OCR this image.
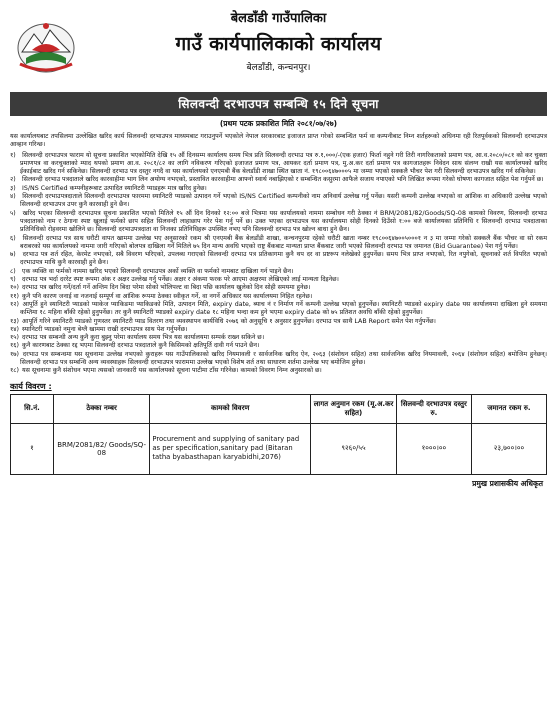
बेलडाँडी गाउँपालिका
गाउँ कार्यपालिकाको कार्यालय
बेलडाँडी, कन्चनपुर।
सिलवन्दी दरभाउपत्र सम्बन्धि १५ दिने सूचना
(प्रथम पटक प्रकाशित मिति २०८१/०७/२७)

यस कार्यालयबाट तपसिलमा उल्लेखित खरिद कार्य सिलवन्दी दरभाउपत्र माध्यमबाट गराउनुपर्ने भएकोले नेपाल सरकारबाट इजाजत प्राप्त गरेको सम्बन्धित फर्म वा कम्पनीबाट निम्न शर्तहरूको अधिनमा रही रितपूर्वकको सिलवन्दी दरभाउपत्र आव्हान गरिन्छ।

१) सिलवन्दी दरभाउपत्र फाराम यो सूचना प्रकाशित भएकोमिति देखि १५ औं दिनसम्म कार्यालय समय भित्र प्रति सिलवन्दी दरभाउ पत्र रु.१,०००/-(एक हजार) फिर्ता नहुने गरी तिरी नागरिकताको प्रमाण पत्र, आ.व.२०८०/०८१ को कर चुक्ता प्रमाणपत्र वा करचुक्ताको म्याद थपको प्रमाण आ.व. २०८१/८२ का लागि नविकरण गरिएको इजाजत प्रमाण पत्र, आयकर दर्ता प्रमाण पत्र, मु.अ.कर दर्ता प्रमाण पत्र कागजातहरू निवेदन साथ संलग्न राखी यस कार्यालयको खरिद ईकाईबाट खरिद गर्न सकिनेछ। सिलवन्दी दरभाउ पत्र दस्तुर नगदै वा यस कार्यालयको एनएमबी बैंक बेलडाँडी शाखा स्थित खाता नं. १९८००६४७०००५ मा जम्मा भएको सक्कलै भौचर पेश गरी सिलवन्दी दरभाउपत्र खरिद गर्न सकिनेछ।
२) सिलवन्दी दरभाउ पत्रदाताले खरिद कारवाहीमा भाग लिन अयोग्य नभएको, प्रस्तावित कारवाहीमा आफ्नो स्वार्थ नबाझिएको र सम्बन्धित कसुरमा आफैले सजाय नपाएको भनि लिखित रूपमा गरेको घोषणा कागजात सहित पेश गर्नुपर्ने छ।
३) IS/NS Certified कम्पनीहरूबाट उत्पादित स्यानिटरी प्याडहरू मात्र खरिद हुनेछ।
४) सिलवन्दी दरभाउपत्रदाताले सिलवन्दी दरभाउपत्र फारममा स्यानिटरी प्याडको उत्पादन गर्ने भएको IS/NS Certified कम्पनीको नाम अनिवार्य उल्लेख गर्नु पर्नेछ। यसरी कम्पनी उल्लेख नभएको वा आंशिक वा अधिकारी उल्लेख भएको सिलवन्दी दरभाउपत्र उपर कुनै कारवाही हुने छैन।
५) खरिद भएका सिलवन्दी दरभाउपत्र सूचना प्रकाशित भएको मितिले १५ औं दिन दिनको १२:०० बजे भित्रमा यस कार्यालयको नाममा सम्बोधन गरी ठेक्का नं BRM/2081/82/Goods/SQ-08 कामको विवरण, सिलवन्दी दरभाउ पत्रदाताको नाम र ठेगाना स्पष्ट खुलाई फर्मको छाप सहित सिलवन्दी लाहाछाप गरेर पेश गर्नु पर्ने छ। उक्त भएका दरभाउपत्र यस कार्यालयमा सोही दिनको दिउँसो १:०० बजे कार्यालयका प्रतिनिधि र सिलवन्दी दरभाउ पत्रदाताका प्रतिनिधिको रोहवरमा खोलिने छ। सिलवन्दी दरभाउपत्रदाता वा निजका प्रतिनिधिहरू उपस्थित नभए पनि सिलवन्दी दरभाउ पत्र खोल्न बाधा हुने छैन।
६) सिलवन्दी दरभाउ पत्र साथ धरौटी वापत खाममा उल्लेख भए अनुसारको रकम श्री एनएमबी बैंक बेलडाँडी शाखा, कन्चनपुरमा रहेको धरौटी खाता नम्बर १९८००६४७००५०००१ न ३ मा जम्मा गरेको सक्कलै बैंक भौचर वा सो रकम बराबरको यस कार्यालयको नाममा जारी गरिएको बोलपत्र दाखिला गर्ने मितिले ७५ दिन मान्य अवधि भएको राष्ट्र बैंकबाट मान्यता प्राप्त बैंकबाट जारी भएको सिलवन्दी दरभाउ पत्र जमानत (Bid Guarantee) पेश गर्नु पर्नेछ।
७) दरभाउ पत्र शर्त रहित, केरमेट नभएको, सबै विवरण भरिएको, उपलब्ध गराएको सिलवन्दी दरभाउ पत्र प्रतिकागमा कुनै थप दर वा प्रष्टरूप नलेखेको हुनुपर्नेछ। समय भित्र प्राप्त नभएको, रित नपुगेको, सूचनाको शर्त विपरित भएको दरभाउपत्र माथि कुनै कारवाही हुने छैन।
८) एक व्यक्ति वा फर्मको नाममा खरिद भएको सिलवन्दी दरभाउपत्र अर्को व्यक्ति वा फर्मको नामबाट दाखिला गर्न पाइने छैन।
९) दरभाउ पत्र भर्दा दररेट स्पष्ट रूपमा अंक र अक्षर उल्लेख गर्नु पर्नेछ। अक्षर र अंकमा फरक परे आएमा अक्षरमा लेखिएको लाई मान्यता दिइनेछ।
१०) दरभाउ पत्र खरिद गर्ने/दर्ता गर्ने अन्तिम दिन बिदा परेमा सोको भोलिपल्ट वा बिदा पछि कार्यालय खुलेको दिन सोही समयमा हुनेछ।
११) कुनै पनि कारण जनाई वा नजनाई सम्पूर्ण वा आंशिक रूपमा ठेक्का स्वीकृत गर्ने, वा नगर्ने अधिकार यस कार्यालयमा निहित रहनेछ।
१२) आपूर्ति हुने स्यानिटरी प्याडको प्याकेज प्याकिङमा प्याकिङको मिति, उत्पादन मिति, expiry date, ब्याच नं र निर्माण गर्ने कम्पनी उल्लेख भएको हुनुपर्नेछ। स्यानिटरी प्याडको expiry date यस कार्यालयमा दाखिला हुने समयमा कम्तिमा १८ महिना बाँकी रहेको हुनुपर्नेछ। तर कुनै स्यानिटरी प्याडको expiry date १८ महिना भन्दा कम हुने भएमा expiry date को ७५ प्रतिशत अवधि बाँकी रहेको हुनुपर्नेछ।
१३) आपूर्ति गरिने स्यानिटरी प्याडको गुणस्तर स्यानिटरी प्याड वितरण तथा व्यवस्थापन कार्यविधि २०७६ को अनुसूचि १ अनुसार हुनुपर्नेछ। दरभाउ पत्र साथै LAB Report समेत पेश गर्नुपर्नेछ।
१४) स्यानिटरी प्याडको नमुना बेग्लै खाममा राखी दरभाउपत्र साथ पेश गर्नुपर्नेछ।
१५) दरभाउ पत्र सम्बन्धी अन्य कुनै कुरा बुझ्नु परेमा कार्यालय समय भित्र यस कार्यालयमा सम्पर्क राख्न सकिने छ।
१६) कुनै कारणबाट ठेक्का रद्द भएमा सिलवन्दी दरभाउ पत्रदाताले कुनै किसिमको क्षतिपूर्ति दावी गर्न पाउने छैन।
१७) दरभाउ पत्र सम्बन्धमा यस सूचनामा उल्लेख नभएको कुराहरू यस गाउँपालिकाको खरिद नियमावली र सार्वजनिक खरिद ऐन, २०६३ (संशोधन सहित) तथा सार्वजनिक खरिद नियमावली, २०६४ (संशोधन सहित) बमोजिम हुनेछन्। सिलवन्दी दरभाउ पत्र सम्बन्धि अन्य व्यवस्थाहरू सिलवन्दी दरभाउपत्र फाराममा उल्लेख भएको विशेष शर्त तथा साधारण शर्तमा उल्लेख भए बमोजिम हुनेछ।
१८) यस सूचनामा कुनै संशोधन भएमा त्यसको जानकारी यस कार्यालयको सूचना पाटीमा टाँस गरिनेछ। कामको विवरण निम्न अनुसारको छ।
कार्य विवरण :
सि.नं.	ठेक्का नम्बर	कामको विवरण	लागत अनुमान रकम (मू.अ.कर सहित)	सिलवन्दी दरभाउपत्र दस्तुर रु.	जमानत रकम रु.
१	BRM/2081/82/ Goods/SQ-08	Procurement and supplying of sanitary pad as per specification,sanitary pad (Bitaran tatha byabasthapan karyabidhi,2076)	९२६०/५५	१०००।००	२३,७००।००
प्रमुख प्रशासकीय अधिकृत
